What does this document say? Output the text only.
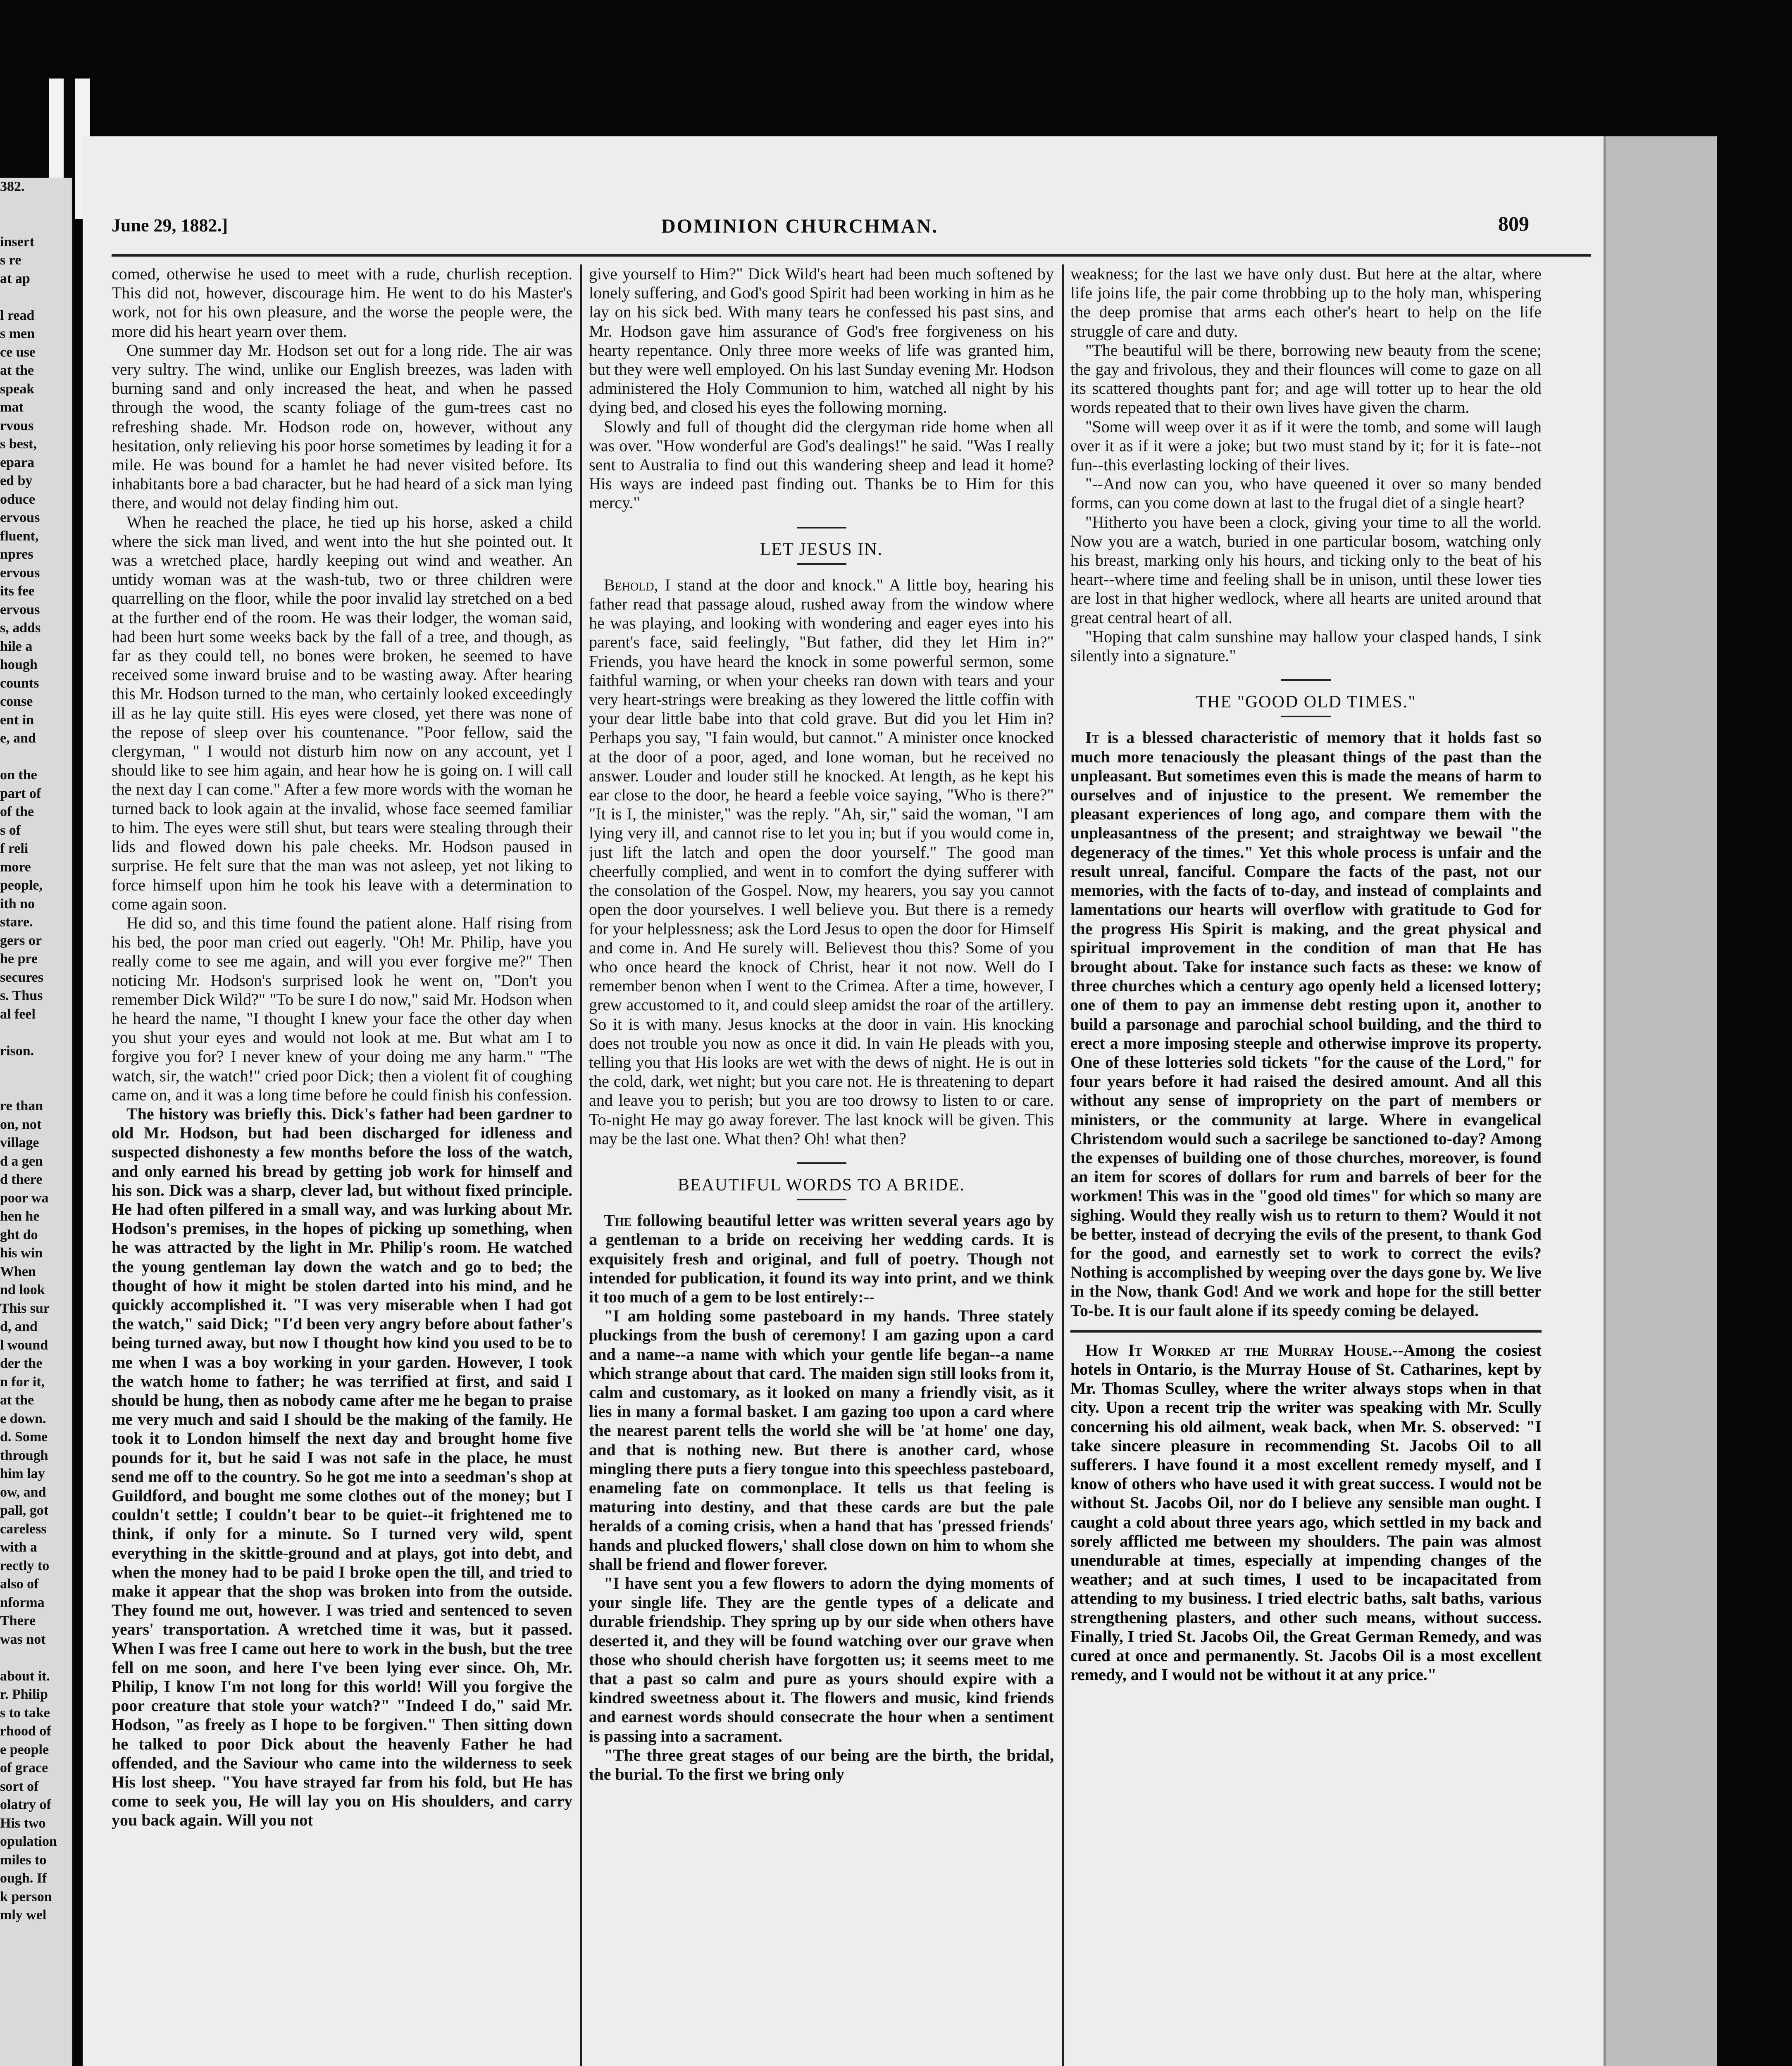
382.

insert
s re
at ap

l read
s men
ce use
at the
speak
mat
rvous
s best,
epara
ed by
oduce
ervous
fluent,
npres
ervous
its fee
ervous
s, adds
hile a
hough
counts
conse
ent in
e, and

on the
part of
of the
s of
f reli
more
people,
ith no
stare.
gers or
he pre
secures
s. Thus
al feel

rison.

re than
on, not
village
d a gen
d there
poor wa
hen he
ght do
his win
When
nd look
This sur
d, and
l wound
der the
n for it,
at the
e down.
d. Some
through
him lay
ow, and
pall, got
careless
with a
rectly to
also of
nforma
There
was not

about it.
r. Philip
s to take
rhood of
e people
of grace
sort of
olatry of
His two
opulation
miles to
ough. If
k person
mly wel
June 29, 1882.]	DOMINION CHURCHMAN.	809

comed, otherwise he used to meet with a rude, churlish reception. This did not, however, discourage him. He went to do his Master's work, not for his own pleasure, and the worse the people were, the more did his heart yearn over them.

One summer day Mr. Hodson set out for a long ride. The air was very sultry. The wind, unlike our English breezes, was laden with burning sand and only increased the heat, and when he passed through the wood, the scanty foliage of the gum-trees cast no refreshing shade. Mr. Hodson rode on, however, without any hesitation, only relieving his poor horse sometimes by leading it for a mile. He was bound for a hamlet he had never visited before. Its inhabitants bore a bad character, but he had heard of a sick man lying there, and would not delay finding him out.

When he reached the place, he tied up his horse, asked a child where the sick man lived, and went into the hut she pointed out. It was a wretched place, hardly keeping out wind and weather. An untidy woman was at the wash-tub, two or three children were quarrelling on the floor, while the poor invalid lay stretched on a bed at the further end of the room. He was their lodger, the woman said, had been hurt some weeks back by the fall of a tree, and though, as far as they could tell, no bones were broken, he seemed to have received some inward bruise and to be wasting away. After hearing this Mr. Hodson turned to the man, who certainly looked exceedingly ill as he lay quite still. His eyes were closed, yet there was none of the repose of sleep over his countenance. "Poor fellow, said the clergyman, " I would not disturb him now on any account, yet I should like to see him again, and hear how he is going on. I will call the next day I can come." After a few more words with the woman he turned back to look again at the invalid, whose face seemed familiar to him. The eyes were still shut, but tears were stealing through their lids and flowed down his pale cheeks. Mr. Hodson paused in surprise. He felt sure that the man was not asleep, yet not liking to force himself upon him he took his leave with a determination to come again soon.

He did so, and this time found the patient alone. Half rising from his bed, the poor man cried out eagerly. "Oh! Mr. Philip, have you really come to see me again, and will you ever forgive me?" Then noticing Mr. Hodson's surprised look he went on, "Don't you remember Dick Wild?" "To be sure I do now," said Mr. Hodson when he heard the name, "I thought I knew your face the other day when you shut your eyes and would not look at me. But what am I to forgive you for? I never knew of your doing me any harm." "The watch, sir, the watch!" cried poor Dick; then a violent fit of coughing came on, and it was a long time before he could finish his confession.

The history was briefly this. Dick's father had been gardner to old Mr. Hodson, but had been discharged for idleness and suspected dishonesty a few months before the loss of the watch, and only earned his bread by getting job work for himself and his son. Dick was a sharp, clever lad, but without fixed principle. He had often pilfered in a small way, and was lurking about Mr. Hodson's premises, in the hopes of picking up something, when he was attracted by the light in Mr. Philip's room. He watched the young gentleman lay down the watch and go to bed; the thought of how it might be stolen darted into his mind, and he quickly accomplished it. "I was very miserable when I had got the watch," said Dick; "I'd been very angry before about father's being turned away, but now I thought how kind you used to be to me when I was a boy working in your garden. However, I took the watch home to father; he was terrified at first, and said I should be hung, then as nobody came after me he began to praise me very much and said I should be the making of the family. He took it to London himself the next day and brought home five pounds for it, but he said I was not safe in the place, he must send me off to the country. So he got me into a seedman's shop at Guildford, and bought me some clothes out of the money; but I couldn't settle; I couldn't bear to be quiet--it frightened me to think, if only for a minute. So I turned very wild, spent everything in the skittle-ground and at plays, got into debt, and when the money had to be paid I broke open the till, and tried to make it appear that the shop was broken into from the outside. They found me out, however. I was tried and sentenced to seven years' transportation. A wretched time it was, but it passed. When I was free I came out here to work in the bush, but the tree fell on me soon, and here I've been lying ever since. Oh, Mr. Philip, I know I'm not long for this world! Will you forgive the poor creature that stole your watch?" "Indeed I do," said Mr. Hodson, "as freely as I hope to be forgiven." Then sitting down he talked to poor Dick about the heavenly Father he had offended, and the Saviour who came into the wilderness to seek His lost sheep. "You have strayed far from his fold, but He has come to seek you, He will lay you on His shoulders, and carry you back again. Will you not

give yourself to Him?" Dick Wild's heart had been much softened by lonely suffering, and God's good Spirit had been working in him as he lay on his sick bed. With many tears he confessed his past sins, and Mr. Hodson gave him assurance of God's free forgiveness on his hearty repentance. Only three more weeks of life was granted him, but they were well employed. On his last Sunday evening Mr. Hodson administered the Holy Communion to him, watched all night by his dying bed, and closed his eyes the following morning.

Slowly and full of thought did the clergyman ride home when all was over. "How wonderful are God's dealings!" he said. "Was I really sent to Australia to find out this wandering sheep and lead it home? His ways are indeed past finding out. Thanks be to Him for this mercy."

LET JESUS IN.

Behold, I stand at the door and knock." A little boy, hearing his father read that passage aloud, rushed away from the window where he was playing, and looking with wondering and eager eyes into his parent's face, said feelingly, "But father, did they let Him in?" Friends, you have heard the knock in some powerful sermon, some faithful warning, or when your cheeks ran down with tears and your very heart-strings were breaking as they lowered the little coffin with your dear little babe into that cold grave. But did you let Him in? Perhaps you say, "I fain would, but cannot." A minister once knocked at the door of a poor, aged, and lone woman, but he received no answer. Louder and louder still he knocked. At length, as he kept his ear close to the door, he heard a feeble voice saying, "Who is there?" "It is I, the minister," was the reply. "Ah, sir," said the woman, "I am lying very ill, and cannot rise to let you in; but if you would come in, just lift the latch and open the door yourself." The good man cheerfully complied, and went in to comfort the dying sufferer with the consolation of the Gospel. Now, my hearers, you say you cannot open the door yourselves. I well believe you. But there is a remedy for your helplessness; ask the Lord Jesus to open the door for Himself and come in. And He surely will. Believest thou this? Some of you who once heard the knock of Christ, hear it not now. Well do I remember benon when I went to the Crimea. After a time, however, I grew accustomed to it, and could sleep amidst the roar of the artillery. So it is with many. Jesus knocks at the door in vain. His knocking does not trouble you now as once it did. In vain He pleads with you, telling you that His looks are wet with the dews of night. He is out in the cold, dark, wet night; but you care not. He is threatening to depart and leave you to perish; but you are too drowsy to listen to or care. To-night He may go away forever. The last knock will be given. This may be the last one. What then? Oh! what then?

BEAUTIFUL WORDS TO A BRIDE.

The following beautiful letter was written several years ago by a gentleman to a bride on receiving her wedding cards. It is exquisitely fresh and original, and full of poetry. Though not intended for publication, it found its way into print, and we think it too much of a gem to be lost entirely:--

"I am holding some pasteboard in my hands. Three stately pluckings from the bush of ceremony! I am gazing upon a card and a name--a name with which your gentle life began--a name which strange about that card. The maiden sign still looks from it, calm and customary, as it looked on many a friendly visit, as it lies in many a formal basket. I am gazing too upon a card where the nearest parent tells the world she will be 'at home' one day, and that is nothing new. But there is another card, whose mingling there puts a fiery tongue into this speechless pasteboard, enameling fate on commonplace. It tells us that feeling is maturing into destiny, and that these cards are but the pale heralds of a coming crisis, when a hand that has 'pressed friends' hands and plucked flowers,' shall close down on him to whom she shall be friend and flower forever.

"I have sent you a few flowers to adorn the dying moments of your single life. They are the gentle types of a delicate and durable friendship. They spring up by our side when others have deserted it, and they will be found watching over our grave when those who should cherish have forgotten us; it seems meet to me that a past so calm and pure as yours should expire with a kindred sweetness about it. The flowers and music, kind friends and earnest words should consecrate the hour when a sentiment is passing into a sacrament.

"The three great stages of our being are the birth, the bridal, the burial. To the first we bring only

weakness; for the last we have only dust. But here at the altar, where life joins life, the pair come throbbing up to the holy man, whispering the deep promise that arms each other's heart to help on the life struggle of care and duty.

"The beautiful will be there, borrowing new beauty from the scene; the gay and frivolous, they and their flounces will come to gaze on all its scattered thoughts pant for; and age will totter up to hear the old words repeated that to their own lives have given the charm.

"Some will weep over it as if it were the tomb, and some will laugh over it as if it were a joke; but two must stand by it; for it is fate--not fun--this everlasting locking of their lives.

"--And now can you, who have queened it over so many bended forms, can you come down at last to the frugal diet of a single heart?

"Hitherto you have been a clock, giving your time to all the world. Now you are a watch, buried in one particular bosom, watching only his breast, marking only his hours, and ticking only to the beat of his heart--where time and feeling shall be in unison, until these lower ties are lost in that higher wedlock, where all hearts are united around that great central heart of all.

"Hoping that calm sunshine may hallow your clasped hands, I sink silently into a signature."

THE "GOOD OLD TIMES."

It is a blessed characteristic of memory that it holds fast so much more tenaciously the pleasant things of the past than the unpleasant. But sometimes even this is made the means of harm to ourselves and of injustice to the present. We remember the pleasant experiences of long ago, and compare them with the unpleasantness of the present; and straightway we bewail "the degeneracy of the times." Yet this whole process is unfair and the result unreal, fanciful. Compare the facts of the past, not our memories, with the facts of to-day, and instead of complaints and lamentations our hearts will overflow with gratitude to God for the progress His Spirit is making, and the great physical and spiritual improvement in the condition of man that He has brought about. Take for instance such facts as these: we know of three churches which a century ago openly held a licensed lottery; one of them to pay an immense debt resting upon it, another to build a parsonage and parochial school building, and the third to erect a more imposing steeple and otherwise improve its property. One of these lotteries sold tickets "for the cause of the Lord," for four years before it had raised the desired amount. And all this without any sense of impropriety on the part of members or ministers, or the community at large. Where in evangelical Christendom would such a sacrilege be sanctioned to-day? Among the expenses of building one of those churches, moreover, is found an item for scores of dollars for rum and barrels of beer for the workmen! This was in the "good old times" for which so many are sighing. Would they really wish us to return to them? Would it not be better, instead of decrying the evils of the present, to thank God for the good, and earnestly set to work to correct the evils? Nothing is accomplished by weeping over the days gone by. We live in the Now, thank God! And we work and hope for the still better To-be. It is our fault alone if its speedy coming be delayed.

How It Worked at the Murray House.--Among the cosiest hotels in Ontario, is the Murray House of St. Catharines, kept by Mr. Thomas Sculley, where the writer always stops when in that city. Upon a recent trip the writer was speaking with Mr. Scully concerning his old ailment, weak back, when Mr. S. observed: "I take sincere pleasure in recommending St. Jacobs Oil to all sufferers. I have found it a most excellent remedy myself, and I know of others who have used it with great success. I would not be without St. Jacobs Oil, nor do I believe any sensible man ought. I caught a cold about three years ago, which settled in my back and sorely afflicted me between my shoulders. The pain was almost unendurable at times, especially at impending changes of the weather; and at such times, I used to be incapacitated from attending to my business. I tried electric baths, salt baths, various strengthening plasters, and other such means, without success. Finally, I tried St. Jacobs Oil, the Great German Remedy, and was cured at once and permanently. St. Jacobs Oil is a most excellent remedy, and I would not be without it at any price."
